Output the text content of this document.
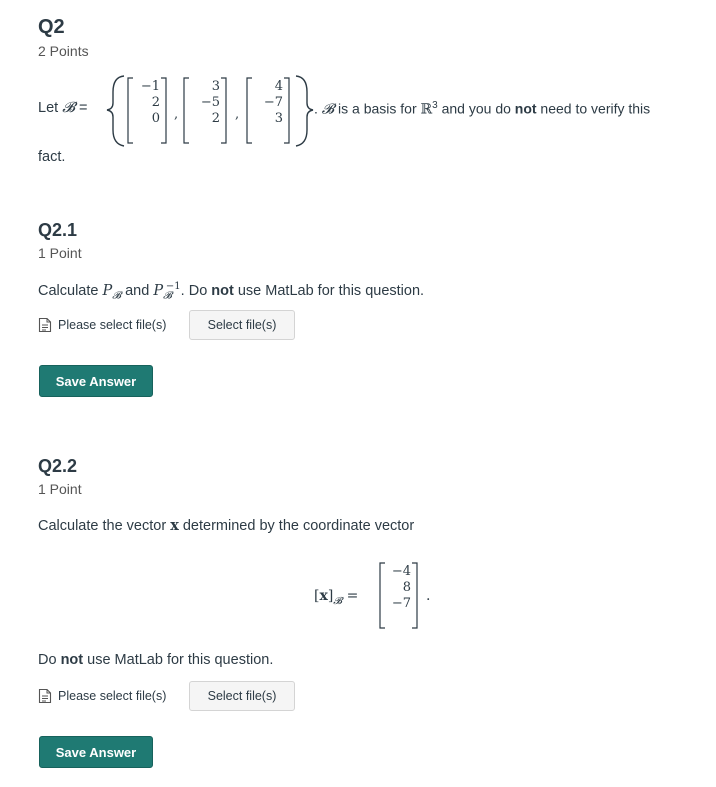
Q2
2 Points
Let 𝓑 =	,	,
−1
2
0
3
−5
2
4
−7
3
. 𝓑 is a basis for ℝ$^3$ and you do not need to verify this
fact.
Q2.1
1 Point
Calculate $P_𝓑$ and $P_𝓑^{-1}$. Do not use MatLab for this question.
Please select file(s)	Select file(s)
Save Answer
Q2.2
1 Point
Calculate the vector x determined by the coordinate vector
$[x]_𝓑$ =
−4
8
−7 .
Do not use MatLab for this question.
Please select file(s)	Select file(s)
Save Answer
